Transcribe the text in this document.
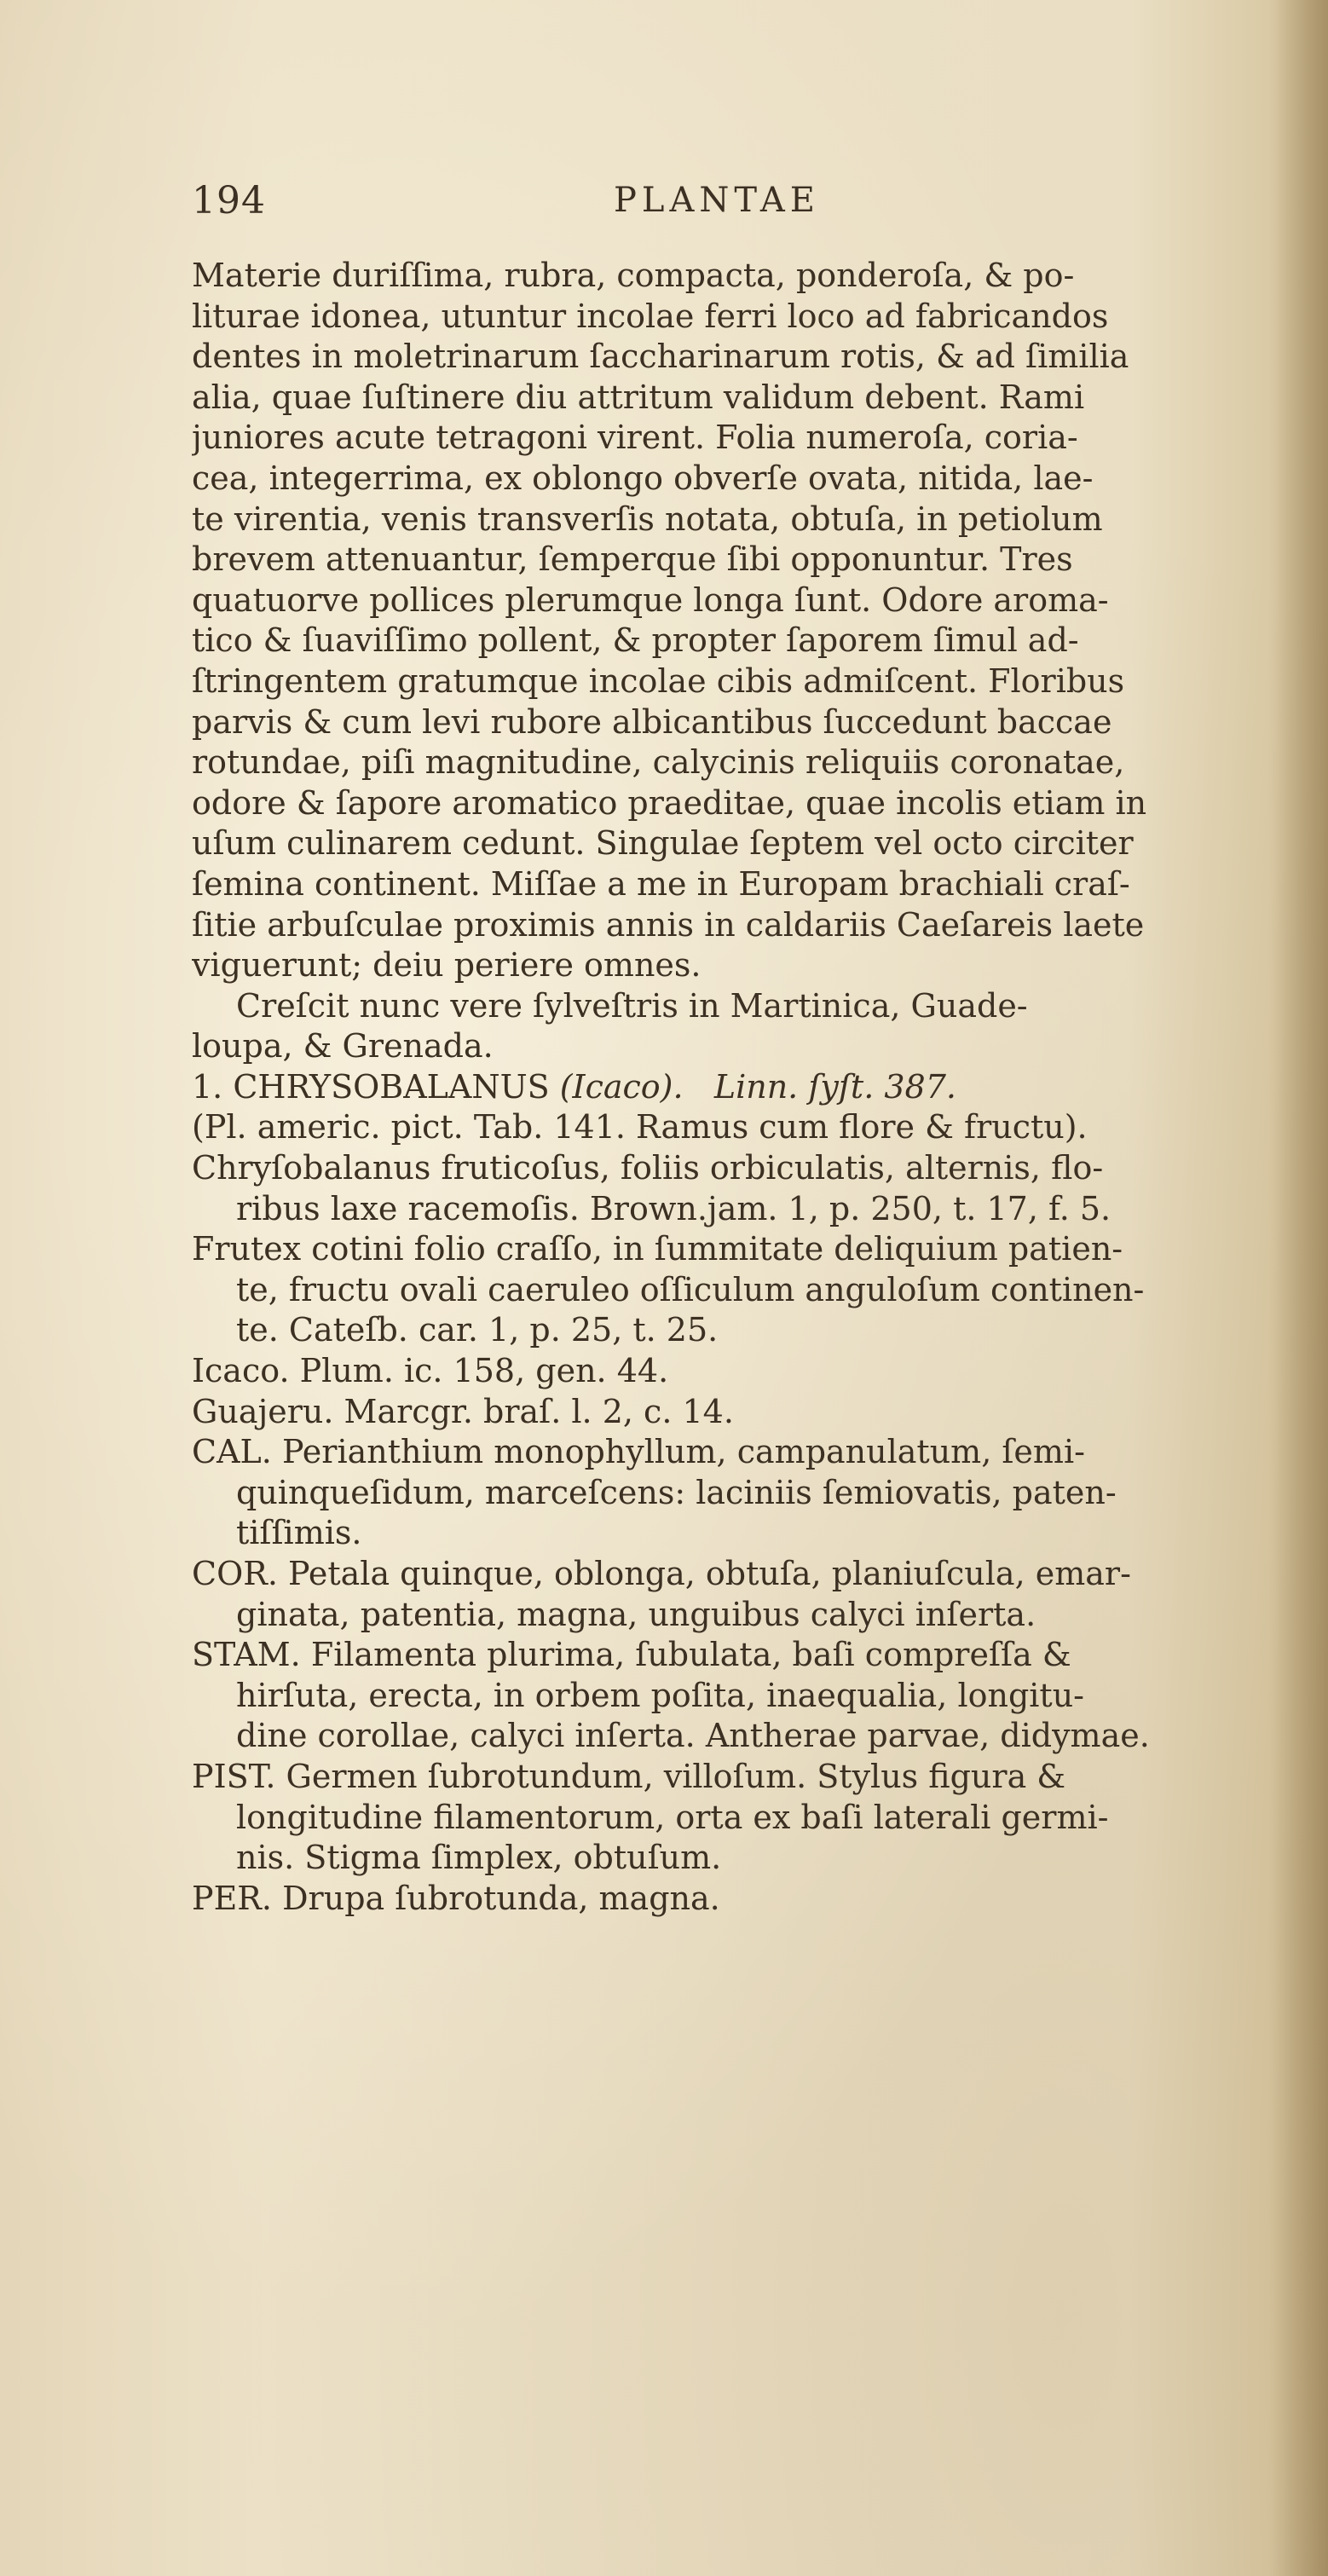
194	PLANTAE
Materie duriſſima, rubra, compacta, ponderoſa, & po-
liturae idonea, utuntur incolae ferri loco ad fabricandos
dentes in moletrinarum ſaccharinarum rotis, & ad ſimilia
alia, quae ſuſtinere diu attritum validum debent. Rami
juniores acute tetragoni virent. Folia numeroſa, coria-
cea, integerrima, ex oblongo obverſe ovata, nitida, lae-
te virentia, venis transverſis notata, obtuſa, in petiolum
brevem attenuantur, ſemperque ſibi opponuntur. Tres
quatuorve pollices plerumque longa ſunt. Odore aroma-
tico & ſuaviſſimo pollent, & propter ſaporem ſimul ad-
ſtringentem gratumque incolae cibis admiſcent. Floribus
parvis & cum levi rubore albicantibus ſuccedunt baccae
rotundae, piſi magnitudine, calycinis reliquiis coronatae,
odore & ſapore aromatico praeditae, quae incolis etiam in
uſum culinarem cedunt. Singulae ſeptem vel octo circiter
ſemina continent. Miſſae a me in Europam brachiali craſ-
ſitie arbuſculae proximis annis in caldariis Caeſareis laete
viguerunt; deiu periere omnes.
Creſcit nunc vere ſylveſtris in Martinica, Guade-
loupa, & Grenada.
1. CHRYSOBALANUS (Icaco). Linn. ſyſt. 387.
(Pl. americ. pict. Tab. 141. Ramus cum flore & fructu).
Chryſobalanus fruticoſus, foliis orbiculatis, alternis, flo-
ribus laxe racemoſis. Brown.jam. 1, p. 250, t. 17, f. 5.
Frutex cotini folio craſſo, in ſummitate deliquium patien-
te, fructu ovali caeruleo oſſiculum anguloſum continen-
te. Cateſb. car. 1, p. 25, t. 25.
Icaco. Plum. ic. 158, gen. 44.
Guajeru. Marcgr. braſ. l. 2, c. 14.
CAL. Perianthium monophyllum, campanulatum, ſemi-
quinqueſidum, marceſcens: laciniis ſemiovatis, paten-
tiſſimis.
COR. Petala quinque, oblonga, obtuſa, planiuſcula, emar-
ginata, patentia, magna, unguibus calyci inſerta.
STAM. Filamenta plurima, ſubulata, baſi compreſſa &
hirſuta, erecta, in orbem poſita, inaequalia, longitu-
dine corollae, calyci inſerta. Antherae parvae, didymae.
PIST. Germen ſubrotundum, villoſum. Stylus figura &
longitudine filamentorum, orta ex baſi laterali germi-
nis. Stigma ſimplex, obtuſum.
PER. Drupa ſubrotunda, magna.
